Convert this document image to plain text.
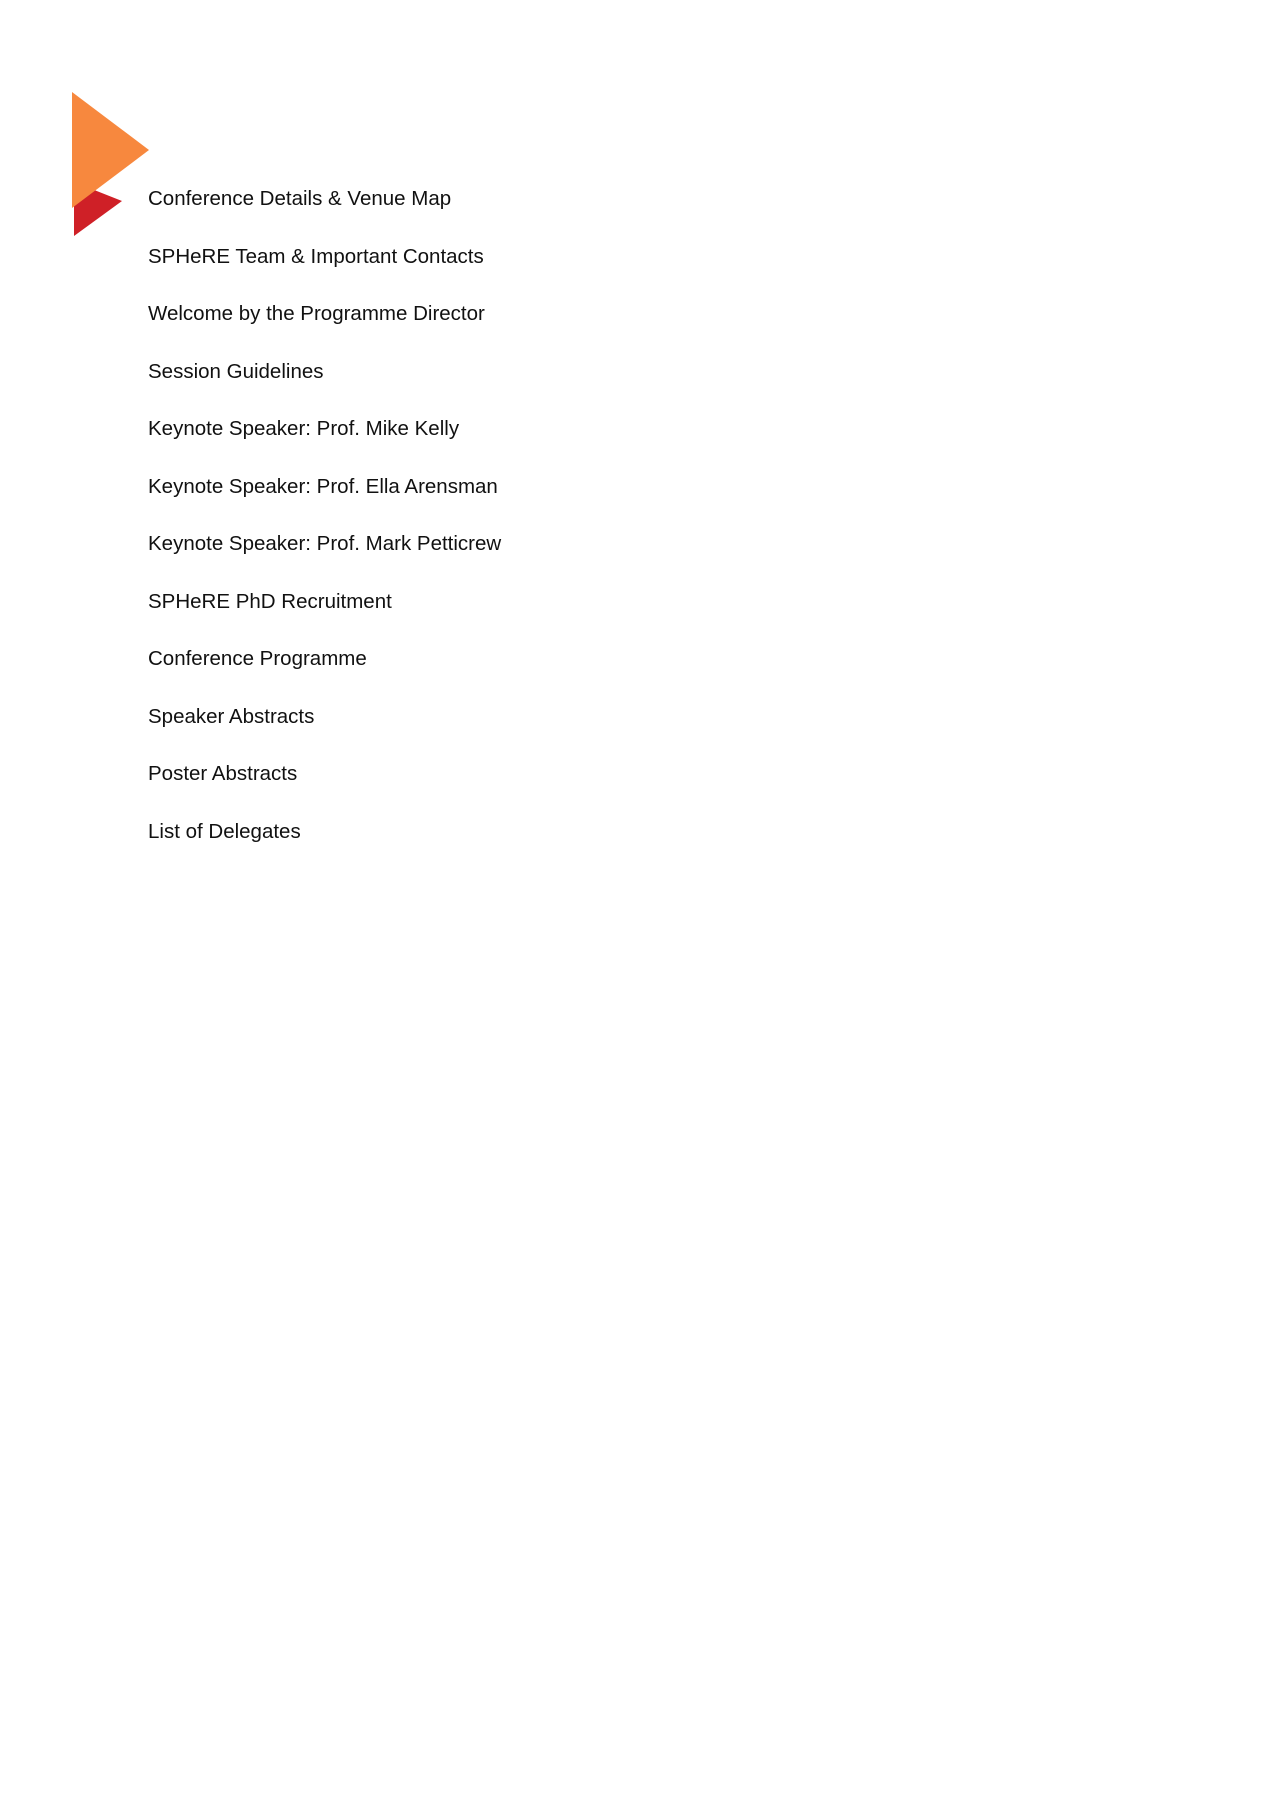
Conference Details & Venue Map
SPHeRE Team & Important Contacts
Welcome by the Programme Director
Session Guidelines
Keynote Speaker: Prof. Mike Kelly
Keynote Speaker: Prof. Ella Arensman
Keynote Speaker: Prof. Mark Petticrew
SPHeRE PhD Recruitment
Conference Programme
Speaker Abstracts
Poster Abstracts
List of Delegates
